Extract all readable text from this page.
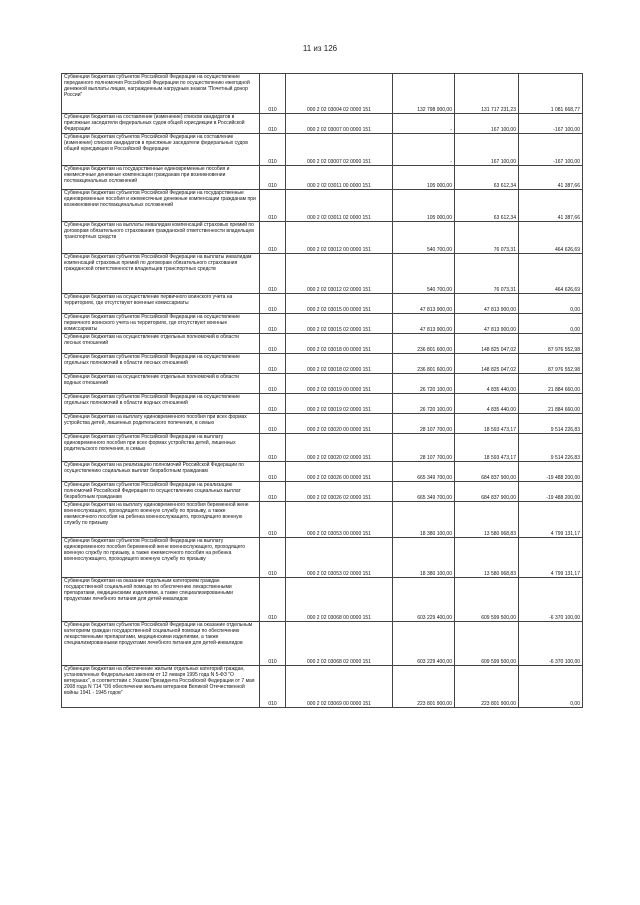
11 из 126
Субвенции бюджетам субъектов Российской Федерации на осуществление переданного полномочия Российской Федерации по осуществлению ежегодной денежной выплаты лицам, награжденным нагрудным знаком "Почетный донор России"	010	000 2 02 03004 02 0000 151	132 798 900,00	131 717 231,23	1 081 668,77
Субвенции бюджетам на составление (изменение) списков кандидатов в присяжные заседатели федеральных судов общей юрисдикции в Российской Федерации	010	000 2 02 03007 00 0000 151	-	167 100,00	-167 100,00
Субвенции бюджетам субъектов Российской Федерации на составление (изменение) списков кандидатов в присяжные заседатели федеральных судов общей юрисдикции в Российской Федерации	010	000 2 02 03007 02 0000 151	-	167 100,00	-167 100,00
Субвенции бюджетам на государственные единовременные пособия и ежемесячные денежные компенсации гражданам при возникновении поствакцинальных осложнений	010	000 2 02 03011 00 0000 151	105 000,00	63 612,34	41 387,66
Субвенции бюджетам субъектов Российской Федерации на государственные единовременные пособия и ежемесячные денежные компенсации гражданам при возникновении поствакцинальных осложнений	010	000 2 02 03011 02 0000 151	105 000,00	63 612,34	41 387,66
Субвенции бюджетам на выплаты инвалидам компенсаций страховых премий по договорам обязательного страхования гражданской ответственности владельцев транспортных средств	010	000 2 02 03012 00 0000 151	540 700,00	76 073,31	464 626,69
Субвенции бюджетам субъектов Российской Федерации на выплаты инвалидам компенсаций страховых премий по договорам обязательного страхования гражданской ответственности владельцев транспортных средств	010	000 2 02 03012 02 0000 151	540 700,00	76 073,31	464 626,69
Субвенции бюджетам на осуществление первичного воинского учета на территориях, где отсутствуют военные комиссариаты	010	000 2 02 03015 00 0000 151	47 813 900,00	47 813 900,00	0,00
Субвенции бюджетам субъектов Российской Федерации на осуществление первичного воинского учета на территориях, где отсутствуют военные комиссариаты	010	000 2 02 03015 02 0000 151	47 813 900,00	47 813 900,00	0,00
Субвенции бюджетам на осуществление отдельных полномочий в области лесных отношений	010	000 2 02 03018 00 0000 151	236 801 600,00	148 825 047,02	87 976 552,98
Субвенции бюджетам субъектов Российской Федерации на осуществление отдельных полномочий в области лесных отношений	010	000 2 02 03018 02 0000 151	236 801 600,00	148 825 047,02	87 976 552,98
Субвенции бюджетам на осуществление отдельных полномочий в области водных отношений	010	000 2 02 03019 00 0000 151	26 720 100,00	4 835 440,00	21 884 660,00
Субвенции бюджетам субъектов Российской Федерации на осуществление отдельных полномочий в области водных отношений	010	000 2 02 03019 02 0000 151	26 720 100,00	4 835 440,00	21 884 660,00
Субвенции бюджетам на выплату единовременного пособия при всех формах устройства детей, лишенных родительского попечения, в семью	010	000 2 02 03020 00 0000 151	28 107 700,00	18 593 473,17	9 514 226,83
Субвенции бюджетам субъектов Российской Федерации на выплату единовременного пособия при всех формах устройства детей, лишенных родительского попечения, в семью	010	000 2 02 03020 02 0000 151	28 107 700,00	18 593 473,17	9 514 226,83
Субвенции бюджетам на реализацию полномочий Российской Федерации по осуществлению социальных выплат безработным гражданам	010	000 2 02 03026 00 0000 151	665 349 700,00	684 837 900,00	-19 488 200,00
Субвенции бюджетам субъектов Российской Федерации на реализацию полномочий Российской Федерации по осуществлению социальных выплат безработным гражданам	010	000 2 02 03026 02 0000 151	665 349 700,00	684 837 900,00	-19 488 200,00
Субвенции бюджетам на выплату единовременного пособия беременной жене военнослужащего, проходящего военную службу по призыву, а также ежемесячного пособия на ребенка военнослужащего, проходящего военную службу по призыву	010	000 2 02 03053 00 0000 151	18 380 100,00	13 580 968,83	4 799 131,17
Субвенции бюджетам субъектов Российской Федерации на выплату единовременного пособия беременной жене военнослужащего, проходящего военную службу по призыву, а также ежемесячного пособия на ребенка военнослужащего, проходящего военную службу по призыву	010	000 2 02 03053 02 0000 151	18 380 100,00	13 580 968,83	4 799 131,17
Субвенции бюджетам на оказание отдельным категориям граждан государственной социальной помощи по обеспечению лекарственными препаратами, медицинскими изделиями, а также специализированными продуктами лечебного питания для детей-инвалидов	010	000 2 02 03068 00 0000 151	603 229 400,00	609 599 500,00	-6 370 100,00
Субвенции бюджетам субъектов Российской Федерации на оказание отдельным категориям граждан государственной социальной помощи по обеспечению лекарственными препаратами, медицинскими изделиями, а также специализированными продуктами лечебного питания для детей-инвалидов	010	000 2 02 03068 02 0000 151	603 229 400,00	609 599 500,00	-6 370 100,00
Субвенции бюджетам на обеспечение жильем отдельных категорий граждан, установленных Федеральным законом от 12 января 1995 года N 5-ФЗ "О ветеранах", в соответствии с Указом Президента Российской Федерации от 7 мая 2008 года N 714 "Об обеспечении жильем ветеранов Великой Отечественной войны 1941 - 1945 годов"	010	000 2 02 03069 00 0000 151	223 801 900,00	223 801 900,00	0,00
